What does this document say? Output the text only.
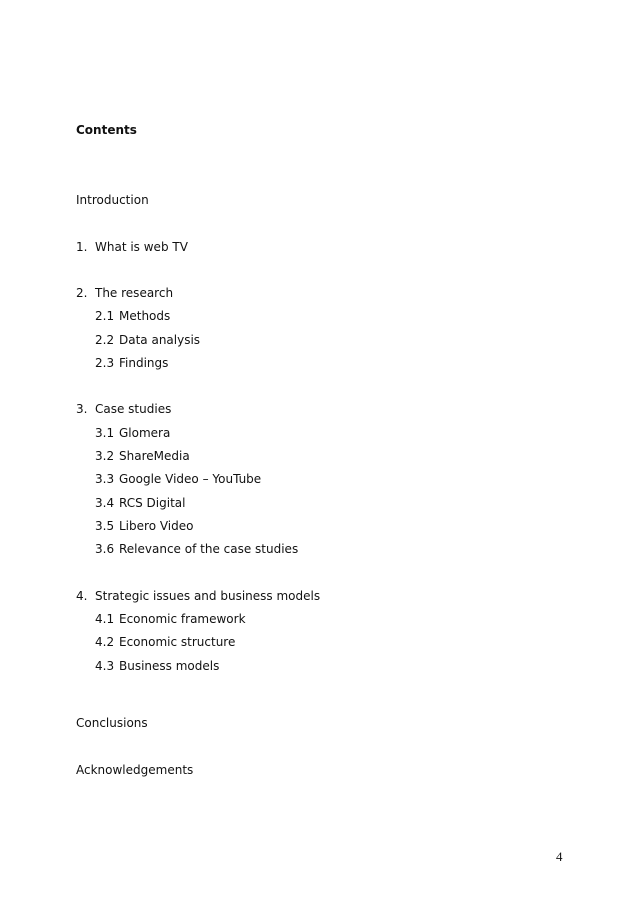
Contents
Introduction
1. What is web TV
2. The research
2.1 Methods
2.2 Data analysis
2.3 Findings
3. Case studies
3.1 Glomera
3.2 ShareMedia
3.3 Google Video – YouTube
3.4 RCS Digital
3.5 Libero Video
3.6 Relevance of the case studies
4. Strategic issues and business models
4.1 Economic framework
4.2 Economic structure
4.3 Business models
Conclusions
Acknowledgements
4
